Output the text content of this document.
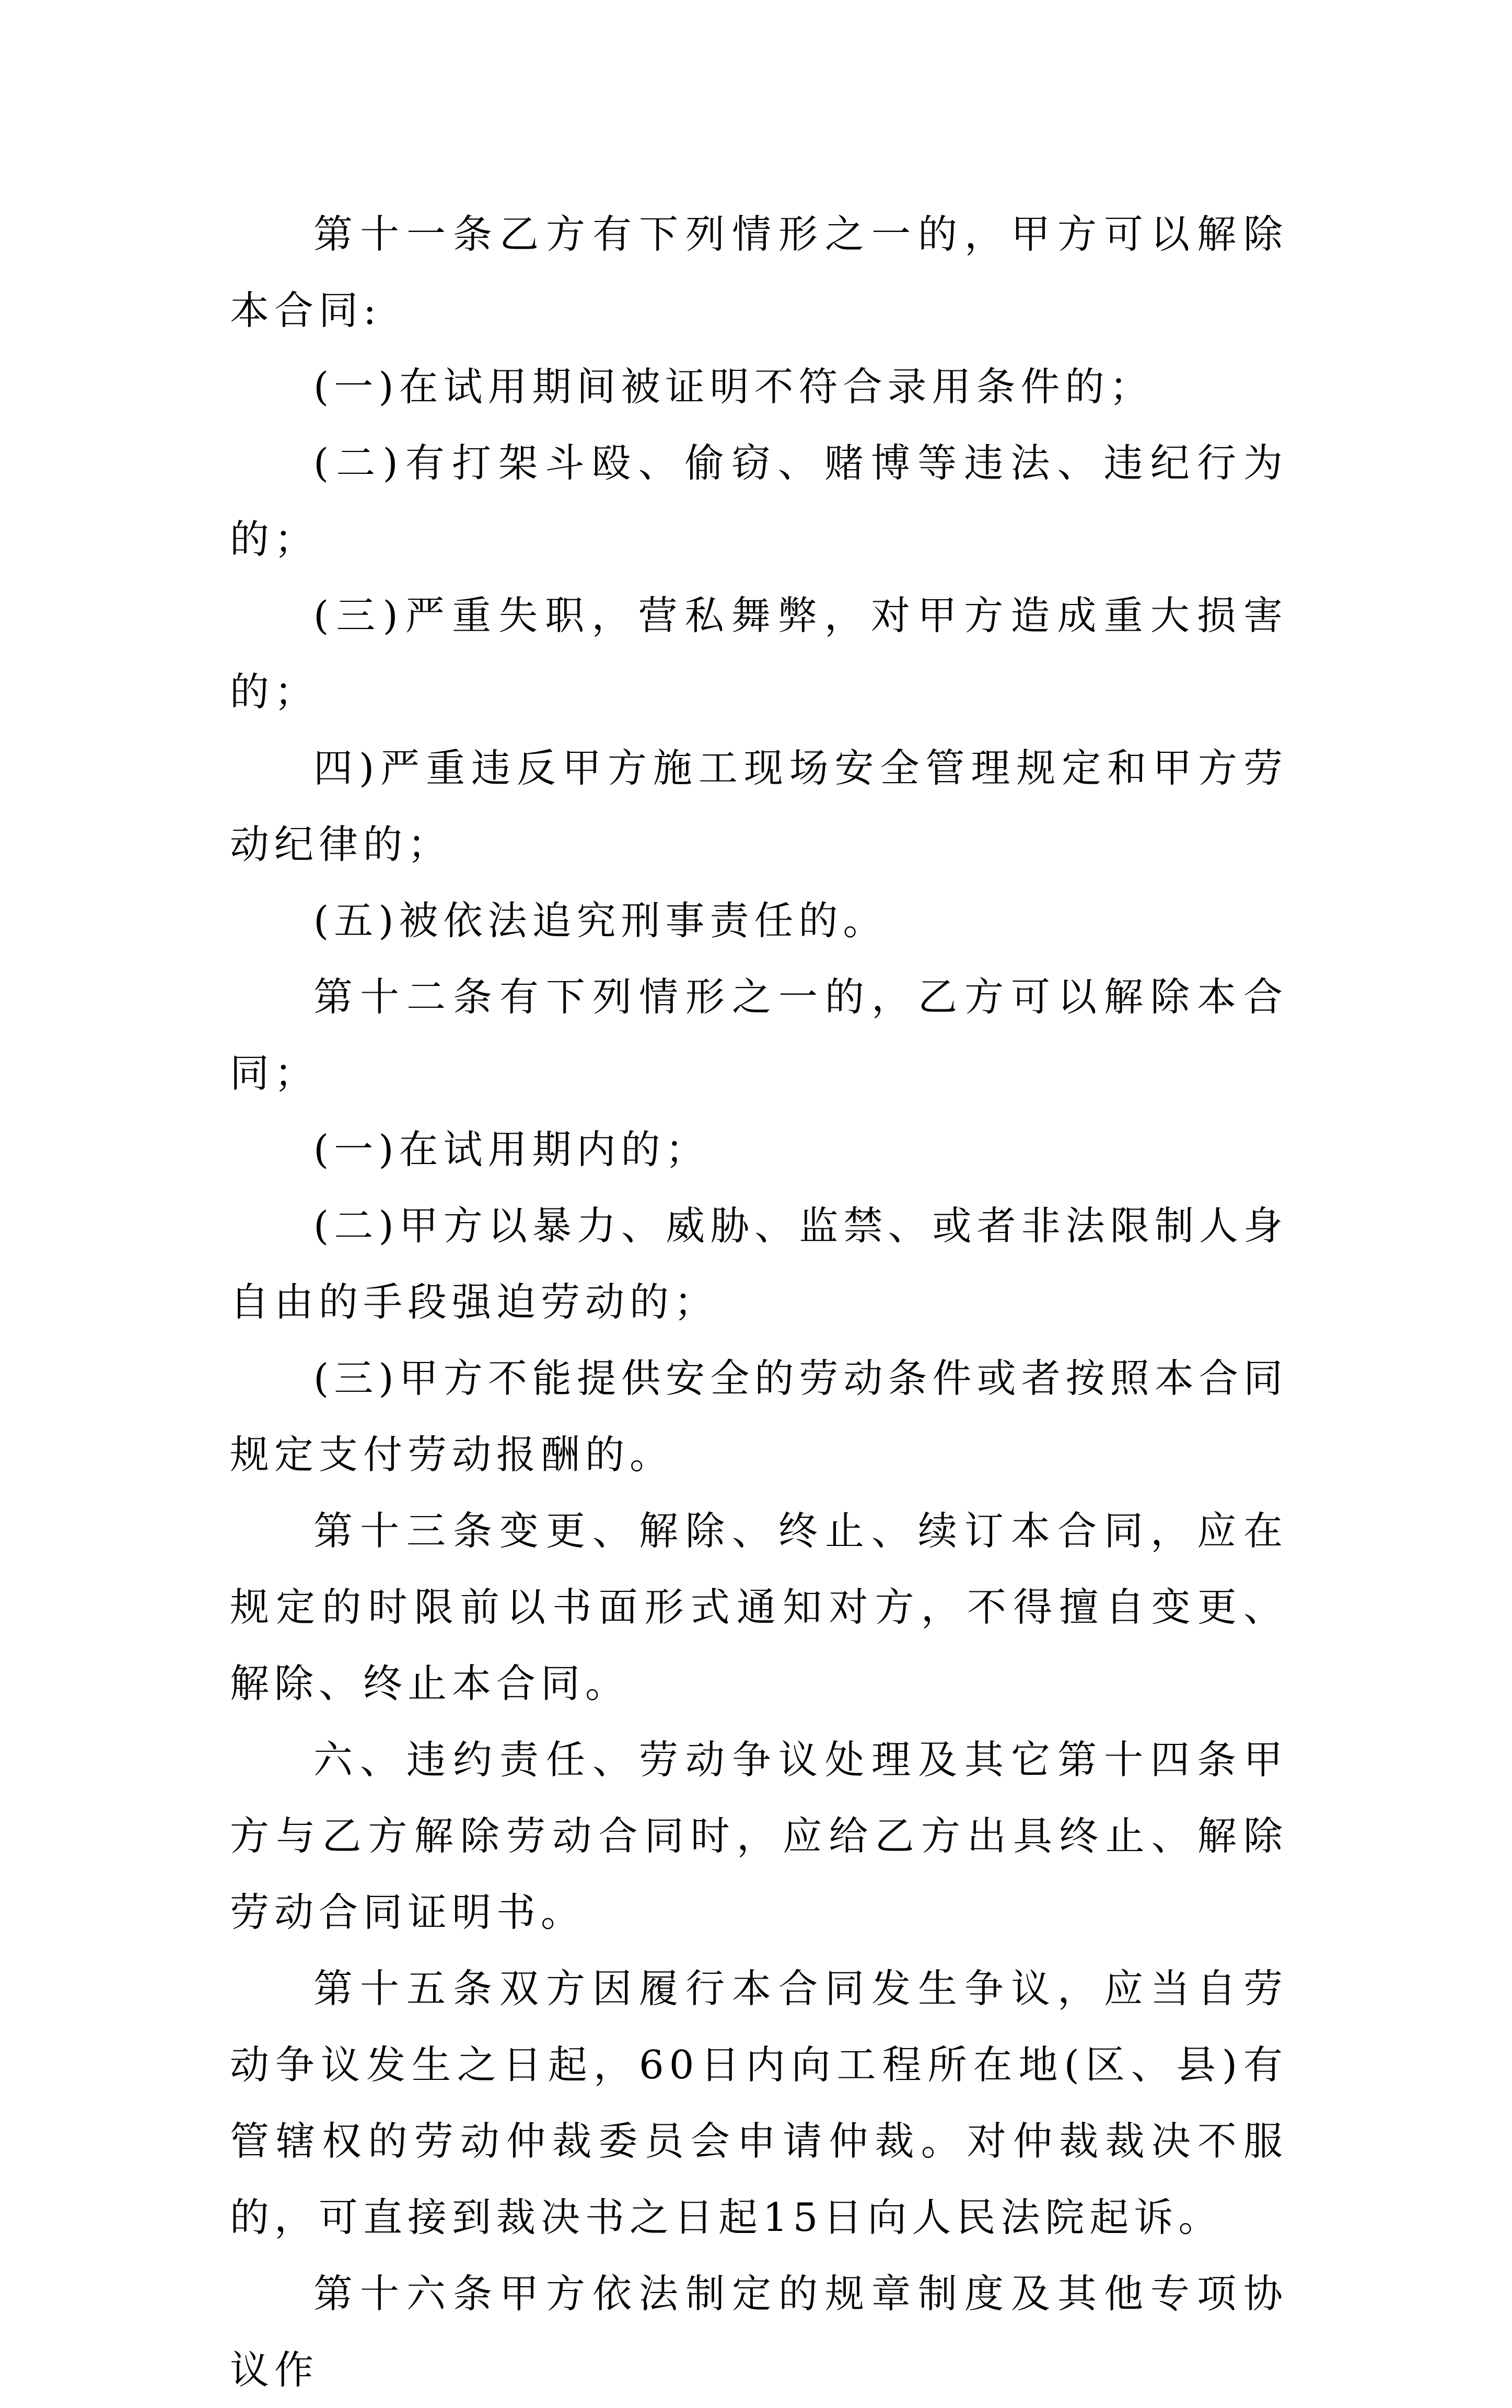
第十一条乙方有下列情形之一的，甲方可以解除本合同:

(一)在试用期间被证明不符合录用条件的；

(二)有打架斗殴、偷窃、赌博等违法、违纪行为的；

(三)严重失职，营私舞弊，对甲方造成重大损害的；

四)严重违反甲方施工现场安全管理规定和甲方劳动纪律的；

(五)被依法追究刑事责任的。

第十二条有下列情形之一的，乙方可以解除本合同；

(一)在试用期内的；

(二)甲方以暴力、威胁、监禁、或者非法限制人身自由的手段强迫劳动的；

(三)甲方不能提供安全的劳动条件或者按照本合同规定支付劳动报酬的。

第十三条变更、解除、终止、续订本合同，应在规定的时限前以书面形式通知对方，不得擅自变更、解除、终止本合同。

六、违约责任、劳动争议处理及其它第十四条甲方与乙方解除劳动合同时，应给乙方出具终止、解除劳动合同证明书。

第十五条双方因履行本合同发生争议，应当自劳动争议发生之日起，60日内向工程所在地(区、县)有管辖权的劳动仲裁委员会申请仲裁。对仲裁裁决不服的，可直接到裁决书之日起15日向人民法院起诉。

第十六条甲方依法制定的规章制度及其他专项协议作
